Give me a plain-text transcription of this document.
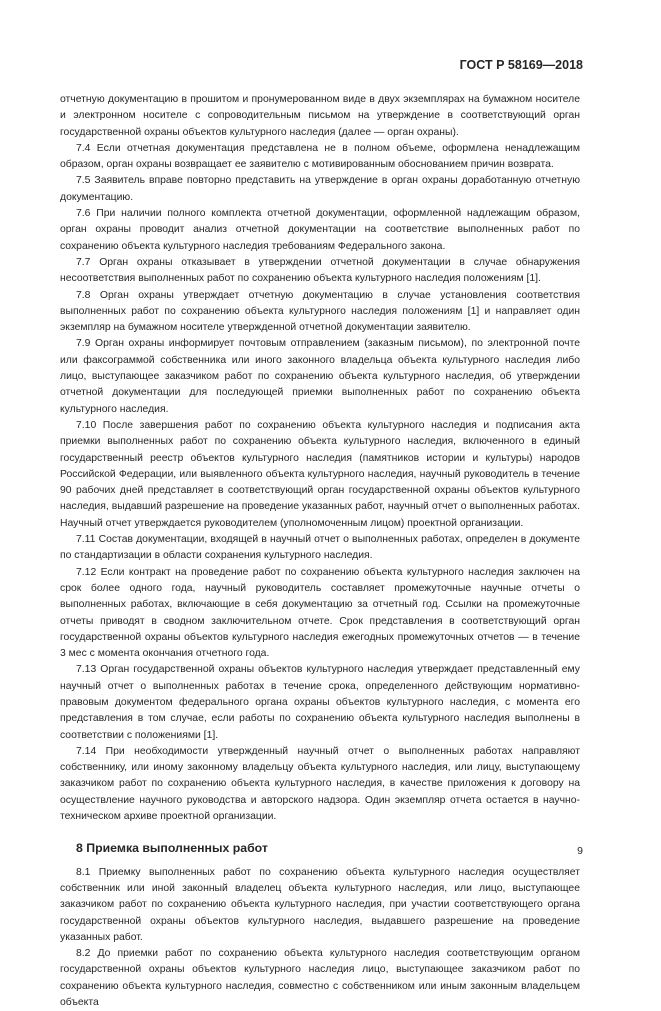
ГОСТ Р 58169—2018

отчетную документацию в прошитом и пронумерованном виде в двух экземплярах на бумажном носителе и электронном носителе с сопроводительным письмом на утверждение в соответствующий орган государственной охраны объектов культурного наследия (далее — орган охраны).

7.4 Если отчетная документация представлена не в полном объеме, оформлена ненадлежащим образом, орган охраны возвращает ее заявителю с мотивированным обоснованием причин возврата.

7.5 Заявитель вправе повторно представить на утверждение в орган охраны доработанную отчетную документацию.

7.6 При наличии полного комплекта отчетной документации, оформленной надлежащим образом, орган охраны проводит анализ отчетной документации на соответствие выполненных работ по сохранению объекта культурного наследия требованиям Федерального закона.

7.7 Орган охраны отказывает в утверждении отчетной документации в случае обнаружения несоответствия выполненных работ по сохранению объекта культурного наследия положениям [1].

7.8 Орган охраны утверждает отчетную документацию в случае установления соответствия выполненных работ по сохранению объекта культурного наследия положениям [1] и направляет один экземпляр на бумажном носителе утвержденной отчетной документации заявителю.

7.9 Орган охраны информирует почтовым отправлением (заказным письмом), по электронной почте или факсограммой собственника или иного законного владельца объекта культурного наследия либо лицо, выступающее заказчиком работ по сохранению объекта культурного наследия, об утверждении отчетной документации для последующей приемки выполненных работ по сохранению объекта культурного наследия.

7.10 После завершения работ по сохранению объекта культурного наследия и подписания акта приемки выполненных работ по сохранению объекта культурного наследия, включенного в единый государственный реестр объектов культурного наследия (памятников истории и культуры) народов Российской Федерации, или выявленного объекта культурного наследия, научный руководитель в течение 90 рабочих дней представляет в соответствующий орган государственной охраны объектов культурного наследия, выдавший разрешение на проведение указанных работ, научный отчет о выполненных работах. Научный отчет утверждается руководителем (уполномоченным лицом) проектной организации.

7.11 Состав документации, входящей в научный отчет о выполненных работах, определен в документе по стандартизации в области сохранения культурного наследия.

7.12 Если контракт на проведение работ по сохранению объекта культурного наследия заключен на срок более одного года, научный руководитель составляет промежуточные научные отчеты о выполненных работах, включающие в себя документацию за отчетный год. Ссылки на промежуточные отчеты приводят в сводном заключительном отчете. Срок представления в соответствующий орган государственной охраны объектов культурного наследия ежегодных промежуточных отчетов — в течение 3 мес с момента окончания отчетного года.

7.13 Орган государственной охраны объектов культурного наследия утверждает представленный ему научный отчет о выполненных работах в течение срока, определенного действующим нормативно-правовым документом федерального органа охраны объектов культурного наследия, с момента его представления в том случае, если работы по сохранению объекта культурного наследия выполнены в соответствии с положениями [1].

7.14 При необходимости утвержденный научный отчет о выполненных работах направляют собственнику, или иному законному владельцу объекта культурного наследия, или лицу, выступающему заказчиком работ по сохранению объекта культурного наследия, в качестве приложения к договору на осуществление научного руководства и авторского надзора. Один экземпляр отчета остается в научно-техническом архиве проектной организации.

8 Приемка выполненных работ

8.1 Приемку выполненных работ по сохранению объекта культурного наследия осуществляет собственник или иной законный владелец объекта культурного наследия, или лицо, выступающее заказчиком работ по сохранению объекта культурного наследия, при участии соответствующего органа государственной охраны объектов культурного наследия, выдавшего разрешение на проведение указанных работ.

8.2 До приемки работ по сохранению объекта культурного наследия соответствующим органом государственной охраны объектов культурного наследия лицо, выступающее заказчиком работ по сохранению объекта культурного наследия, совместно с собственником или иным законным владельцем объекта

9
